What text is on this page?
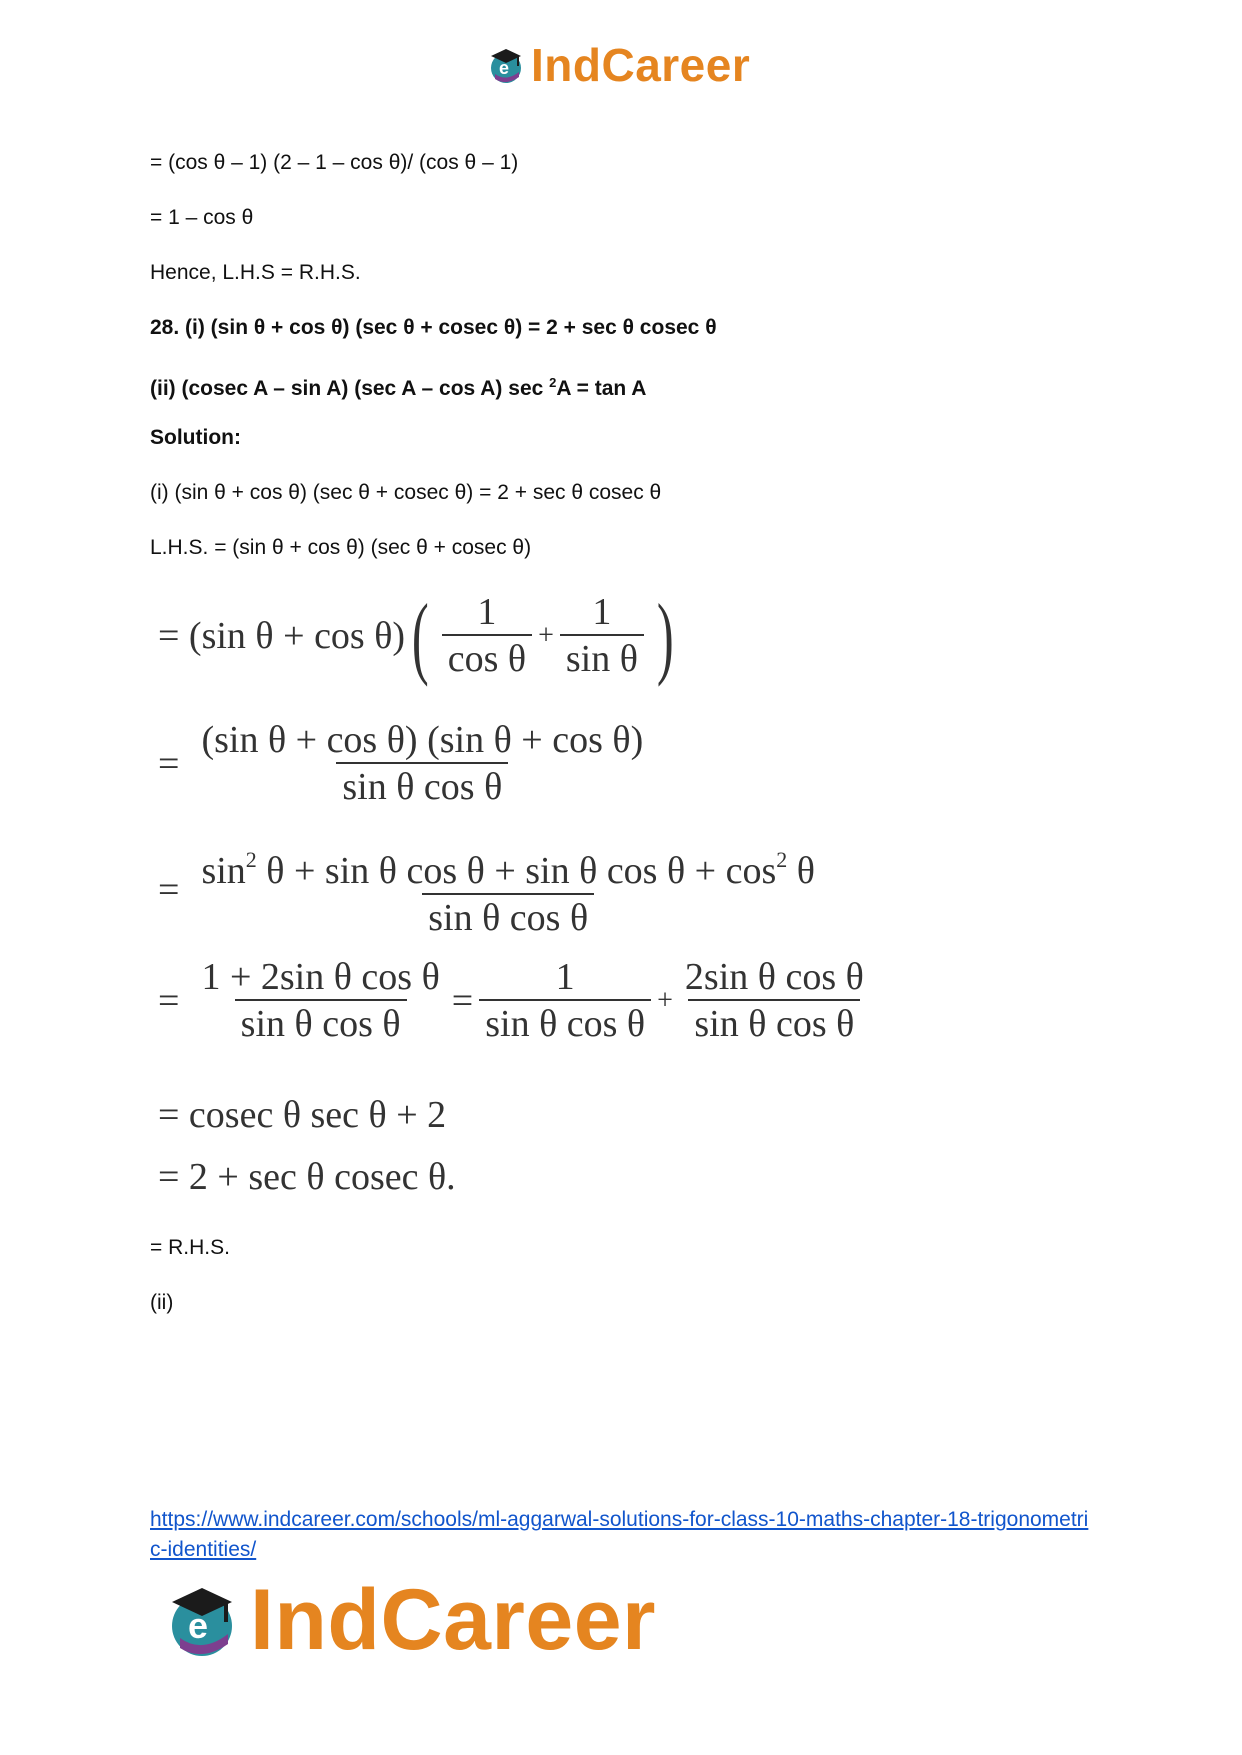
e IndCareer
= (cos θ – 1) (2 – 1 – cos θ)/ (cos θ – 1)
= 1 – cos θ
Hence, L.H.S = R.H.S.
28. (i) (sin θ + cos θ) (sec θ + cosec θ) = 2 + sec θ cosec θ
(ii) (cosec A – sin A) (sec A – cos A) sec $^2$A = tan A
Solution:
(i) (sin θ + cos θ) (sec θ + cosec θ) = 2 + sec θ cosec θ
L.H.S. = (sin θ + cos θ) (sec θ + cosec θ)
= (sin θ + cos θ) ( $\frac{1}{\text{cos θ}} + \frac{1}{\text{sin θ}}$ )
= $\frac{\text{(sin θ + cos θ) (sin θ + cos θ)}}{\text{sin θ cos θ}}$
= $\frac{\sin^2 \theta + \sin \theta \cos \theta + \sin \theta \cos \theta + \cos^2 \theta}{\text{sin θ cos θ}}$
= $\frac{\text{1 + 2sin θ cos θ}}{\text{sin θ cos θ}} = \frac{1}{\text{sin θ cos θ}} + \frac{\text{2sin θ cos θ}}{\text{sin θ cos θ}}$
= cosec θ sec θ + 2
= 2 + sec θ cosec θ.
= R.H.S.
(ii)
https://www.indcareer.com/schools/ml-aggarwal-solutions-for-class-10-maths-chapter-18-trigonometric-identities/
e IndCareer
